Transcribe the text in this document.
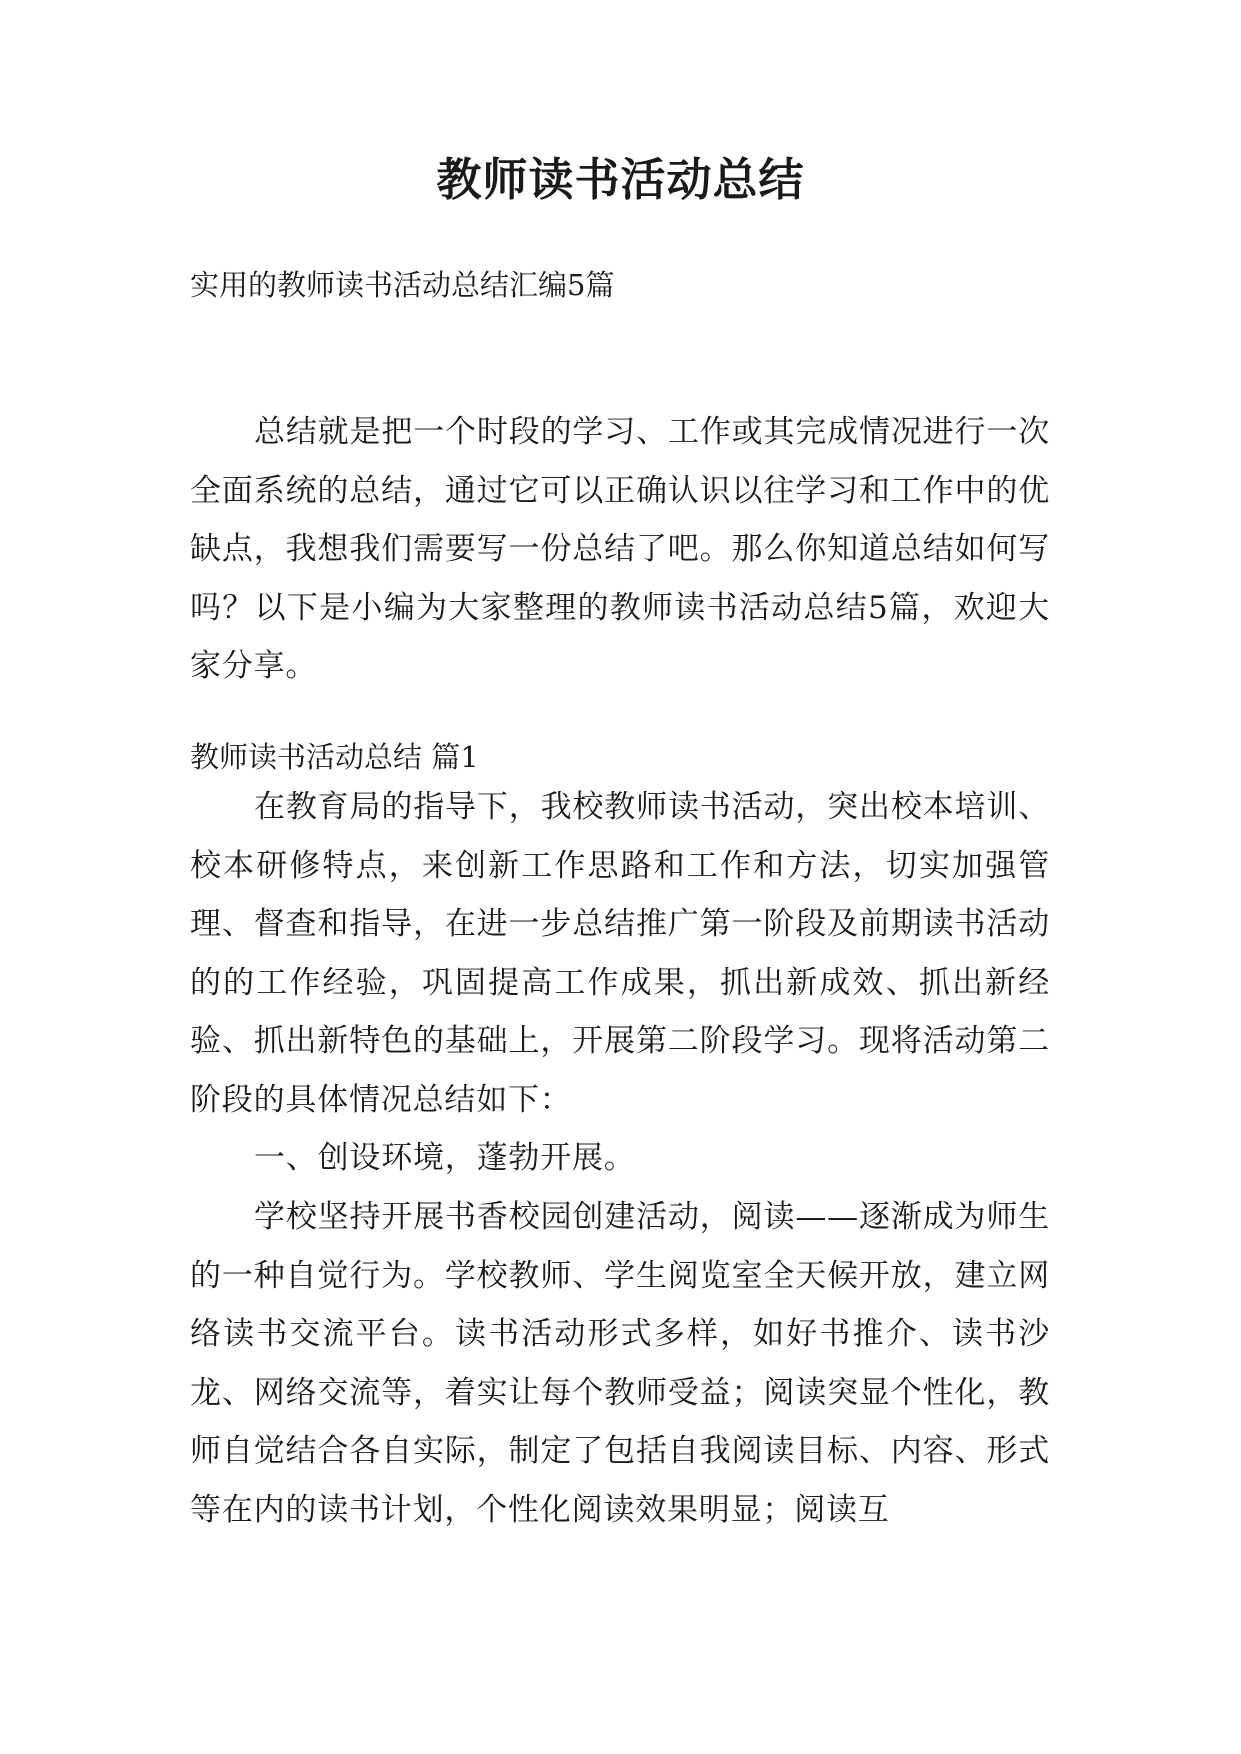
教师读书活动总结
实用的教师读书活动总结汇编5篇

总结就是把一个时段的学习、工作或其完成情况进行一次全面系统的总结，通过它可以正确认识以往学习和工作中的优缺点，我想我们需要写一份总结了吧。那么你知道总结如何写吗？以下是小编为大家整理的教师读书活动总结5篇，欢迎大家分享。

教师读书活动总结 篇1

在教育局的指导下，我校教师读书活动，突出校本培训、校本研修特点，来创新工作思路和工作和方法，切实加强管理、督查和指导，在进一步总结推广第一阶段及前期读书活动的的工作经验，巩固提高工作成果，抓出新成效、抓出新经验、抓出新特色的基础上，开展第二阶段学习。现将活动第二阶段的具体情况总结如下：

一、创设环境，蓬勃开展。

学校坚持开展书香校园创建活动，阅读——逐渐成为师生的一种自觉行为。学校教师、学生阅览室全天候开放，建立网络读书交流平台。读书活动形式多样，如好书推介、读书沙龙、网络交流等，着实让每个教师受益；阅读突显个性化，教师自觉结合各自实际，制定了包括自我阅读目标、内容、形式等在内的读书计划，个性化阅读效果明显；阅读互
